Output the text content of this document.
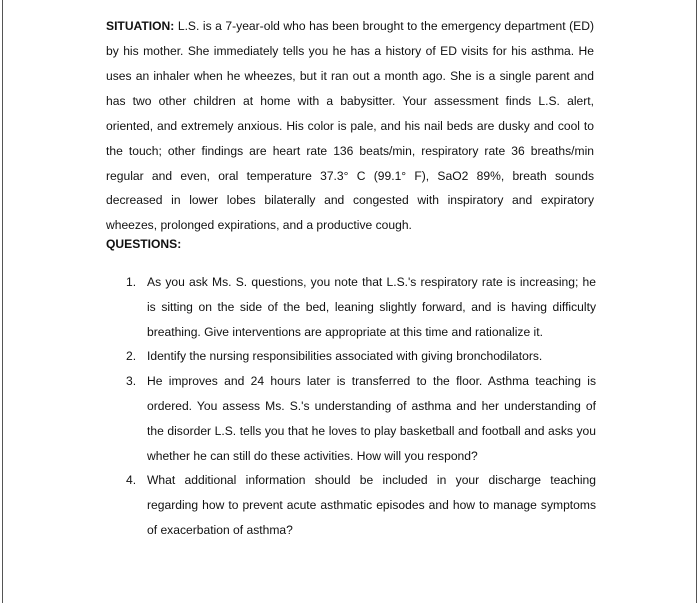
SITUATION: L.S. is a 7-year-old who has been brought to the emergency department (ED) by his mother. She immediately tells you he has a history of ED visits for his asthma. He uses an inhaler when he wheezes, but it ran out a month ago. She is a single parent and has two other children at home with a babysitter. Your assessment finds L.S. alert, oriented, and extremely anxious. His color is pale, and his nail beds are dusky and cool to the touch; other findings are heart rate 136 beats/min, respiratory rate 36 breaths/min regular and even, oral temperature 37.3° C (99.1° F), SaO2 89%, breath sounds decreased in lower lobes bilaterally and congested with inspiratory and expiratory wheezes, prolonged expirations, and a productive cough.

QUESTIONS:
1. As you ask Ms. S. questions, you note that L.S.'s respiratory rate is increasing; he is sitting on the side of the bed, leaning slightly forward, and is having difficulty breathing. Give interventions are appropriate at this time and rationalize it.
2. Identify the nursing responsibilities associated with giving bronchodilators.
3. He improves and 24 hours later is transferred to the floor. Asthma teaching is ordered. You assess Ms. S.'s understanding of asthma and her understanding of the disorder L.S. tells you that he loves to play basketball and football and asks you whether he can still do these activities. How will you respond?
4. What additional information should be included in your discharge teaching regarding how to prevent acute asthmatic episodes and how to manage symptoms of exacerbation of asthma?
